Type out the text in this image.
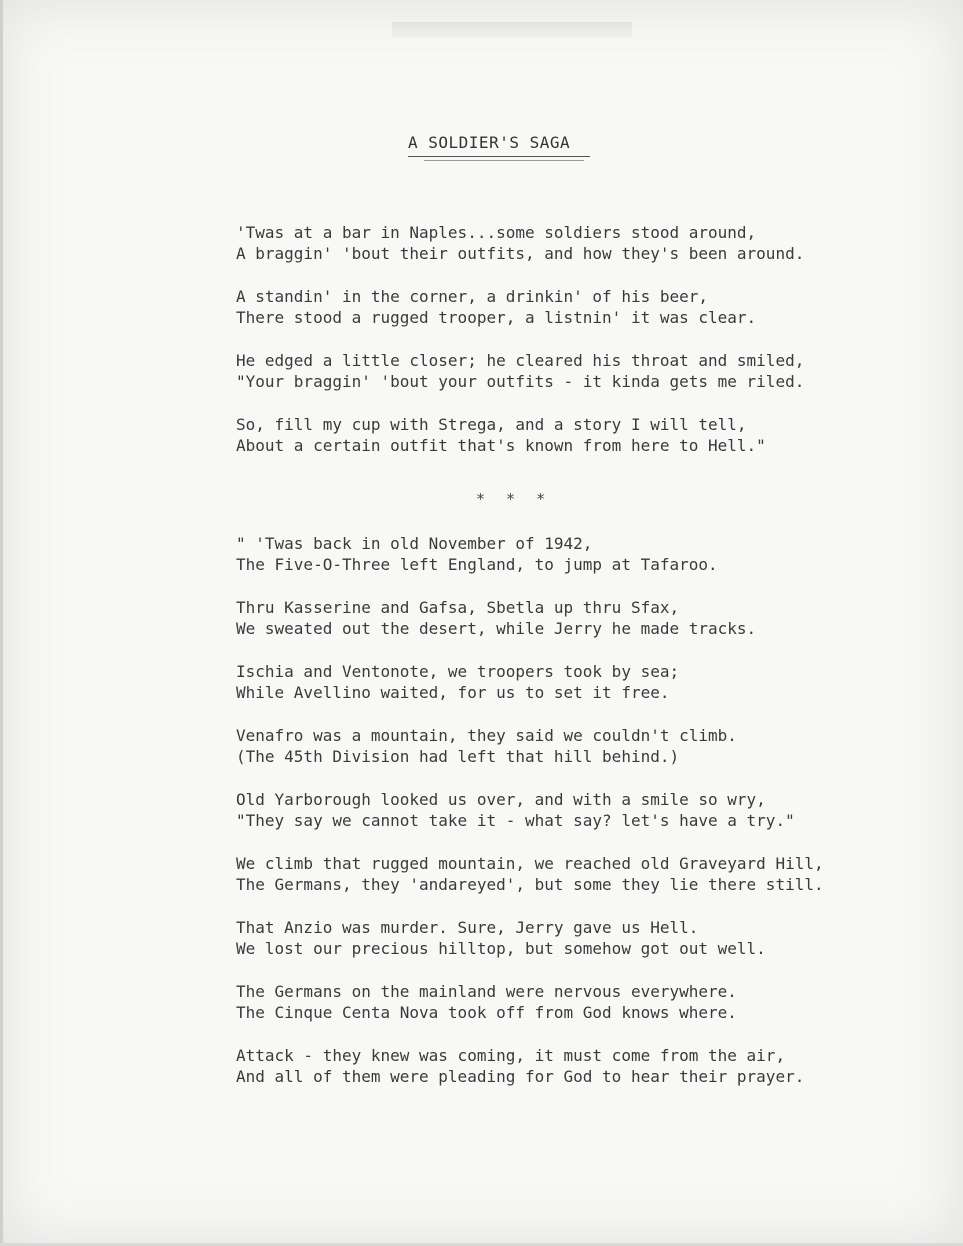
A SOLDIER'S SAGA
'Twas at a bar in Naples...some soldiers stood around,
A braggin' 'bout their outfits, and how they's been around.
A standin' in the corner, a drinkin' of his beer,
There stood a rugged trooper, a listnin' it was clear.
He edged a little closer; he cleared his throat and smiled,
"Your braggin' 'bout your outfits - it kinda gets me riled.
So, fill my cup with Strega, and a story I will tell,
About a certain outfit that's known from here to Hell."
* * *
" 'Twas back in old November of 1942,
The Five-O-Three left England, to jump at Tafaroo.
Thru Kasserine and Gafsa, Sbetla up thru Sfax,
We sweated out the desert, while Jerry he made tracks.
Ischia and Ventonote, we troopers took by sea;
While Avellino waited, for us to set it free.
Venafro was a mountain, they said we couldn't climb.
(The 45th Division had left that hill behind.)
Old Yarborough looked us over, and with a smile so wry,
"They say we cannot take it - what say? let's have a try."
We climb that rugged mountain, we reached old Graveyard Hill,
The Germans, they 'andareyed', but some they lie there still.
That Anzio was murder. Sure, Jerry gave us Hell.
We lost our precious hilltop, but somehow got out well.
The Germans on the mainland were nervous everywhere.
The Cinque Centa Nova took off from God knows where.
Attack - they knew was coming, it must come from the air,
And all of them were pleading for God to hear their prayer.
